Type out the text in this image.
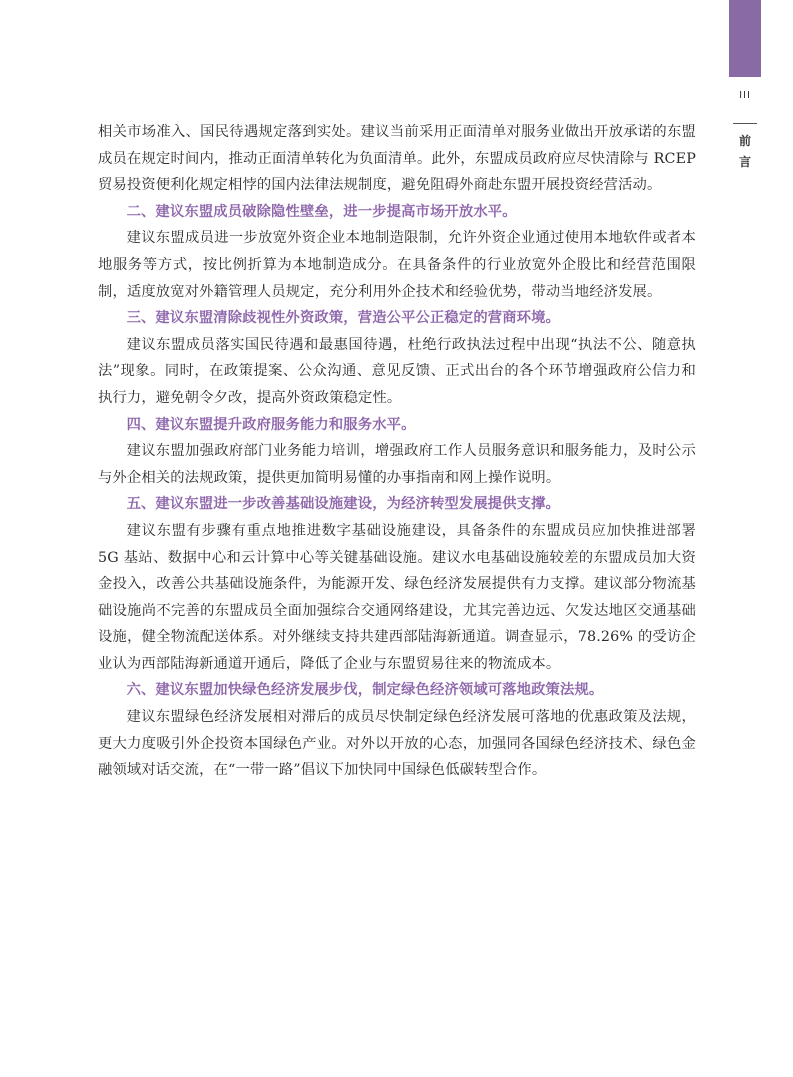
III
前
言

相关市场准入、国民待遇规定落到实处。建议当前采用正面清单对服务业做出开放承诺的东盟成员在规定时间内，推动正面清单转化为负面清单。此外，东盟成员政府应尽快清除与 RCEP 贸易投资便利化规定相悖的国内法律法规制度，避免阻碍外商赴东盟开展投资经营活动。

二、建议东盟成员破除隐性壁垒，进一步提高市场开放水平。

建议东盟成员进一步放宽外资企业本地制造限制，允许外资企业通过使用本地软件或者本地服务等方式，按比例折算为本地制造成分。在具备条件的行业放宽外企股比和经营范围限制，适度放宽对外籍管理人员规定，充分利用外企技术和经验优势，带动当地经济发展。

三、建议东盟清除歧视性外资政策，营造公平公正稳定的营商环境。

建议东盟成员落实国民待遇和最惠国待遇，杜绝行政执法过程中出现“执法不公、随意执法”现象。同时，在政策提案、公众沟通、意见反馈、正式出台的各个环节增强政府公信力和执行力，避免朝令夕改，提高外资政策稳定性。

四、建议东盟提升政府服务能力和服务水平。

建议东盟加强政府部门业务能力培训，增强政府工作人员服务意识和服务能力，及时公示与外企相关的法规政策，提供更加简明易懂的办事指南和网上操作说明。

五、建议东盟进一步改善基础设施建设，为经济转型发展提供支撑。

建议东盟有步骤有重点地推进数字基础设施建设，具备条件的东盟成员应加快推进部署 5G 基站、数据中心和云计算中心等关键基础设施。建议水电基础设施较差的东盟成员加大资金投入，改善公共基础设施条件，为能源开发、绿色经济发展提供有力支撑。建议部分物流基础设施尚不完善的东盟成员全面加强综合交通网络建设，尤其完善边远、欠发达地区交通基础设施，健全物流配送体系。对外继续支持共建西部陆海新通道。调查显示，78.26% 的受访企业认为西部陆海新通道开通后，降低了企业与东盟贸易往来的物流成本。

六、建议东盟加快绿色经济发展步伐，制定绿色经济领域可落地政策法规。

建议东盟绿色经济发展相对滞后的成员尽快制定绿色经济发展可落地的优惠政策及法规，更大力度吸引外企投资本国绿色产业。对外以开放的心态，加强同各国绿色经济技术、绿色金融领域对话交流，在“一带一路”倡议下加快同中国绿色低碳转型合作。
